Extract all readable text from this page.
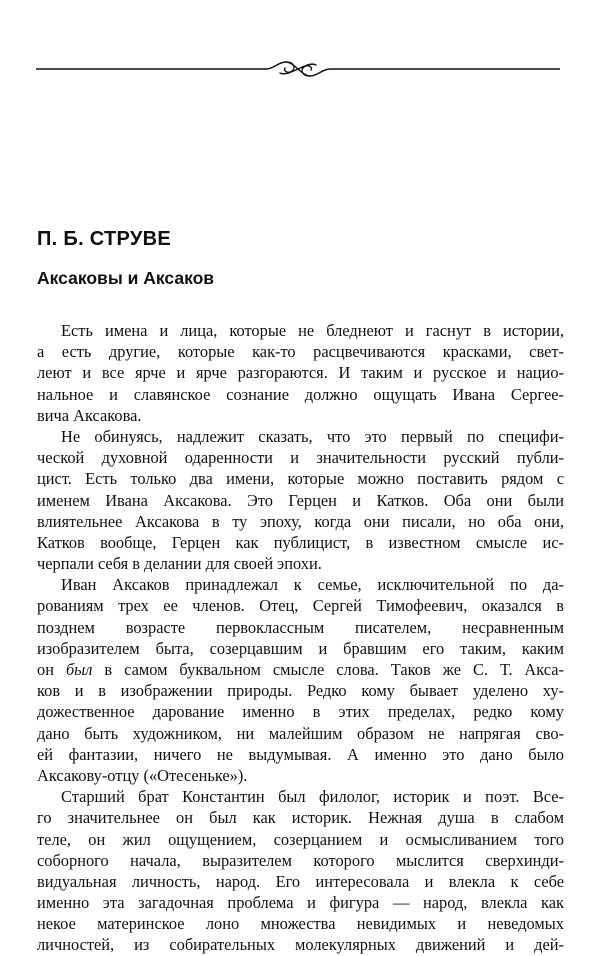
П. Б. СТРУВЕ
Аксаковы и Аксаков
Есть имена и лица, которые не бледнеют и гаснут в истории,
а есть другие, которые как-то расцвечиваются красками, свет-
леют и все ярче и ярче разгораются. И таким и русское и нацио-
нальное и славянское сознание должно ощущать Ивана Сергее-
вича Аксакова.
Не обинуясь, надлежит сказать, что это первый по специфи-
ческой духовной одаренности и значительности русский публи-
цист. Есть только два имени, которые можно поставить рядом с
именем Ивана Аксакова. Это Герцен и Катков. Оба они были
влиятельнее Аксакова в ту эпоху, когда они писали, но оба они,
Катков вообще, Герцен как публицист, в известном смысле ис-
черпали себя в делании для своей эпохи.
Иван Аксаков принадлежал к семье, исключительной по да-
рованиям трех ее членов. Отец, Сергей Тимофеевич, оказался в
позднем возрасте первоклассным писателем, несравненным
изобразителем быта, созерцавшим и бравшим его таким, каким
он был в самом буквальном смысле слова. Таков же С. Т. Акса-
ков и в изображении природы. Редко кому бывает уделено ху-
дожественное дарование именно в этих пределах, редко кому
дано быть художником, ни малейшим образом не напрягая сво-
ей фантазии, ничего не выдумывая. А именно это дано было
Аксакову-отцу («Отесеньке»).
Старший брат Константин был филолог, историк и поэт. Все-
го значительнее он был как историк. Нежная душа в слабом
теле, он жил ощущением, созерцанием и осмысливанием того
соборного начала, выразителем которого мыслится сверхинди-
видуальная личность, народ. Его интересовала и влекла к себе
именно эта загадочная проблема и фигура — народ, влекла как
некое материнское лоно множества невидимых и неведомых
личностей, из собирательных молекулярных движений и дей-
